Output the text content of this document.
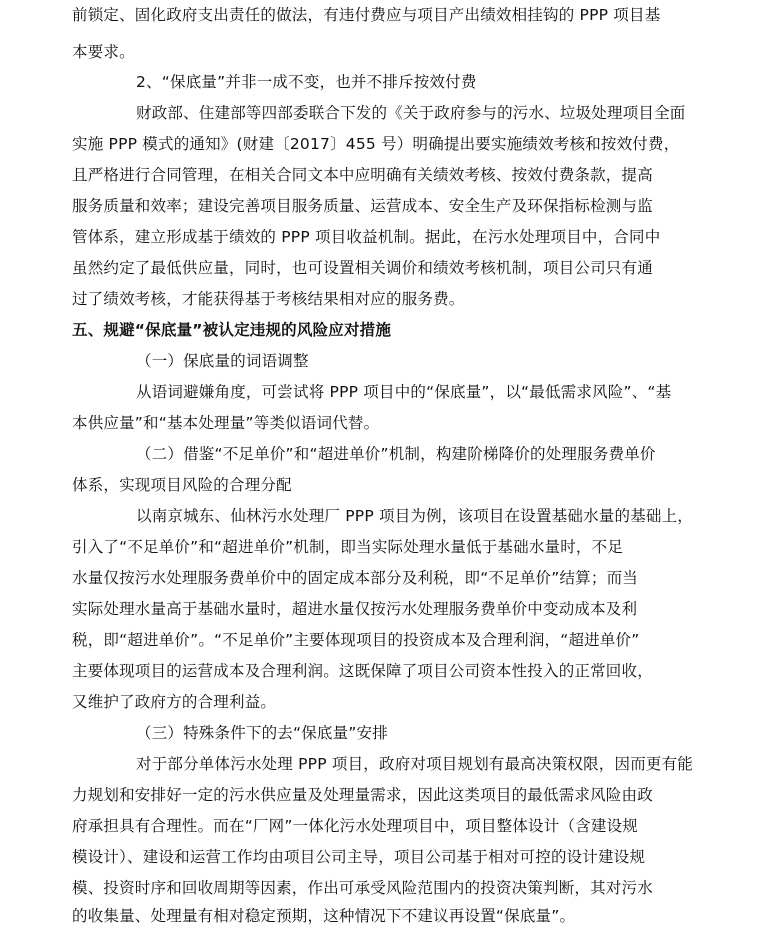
前锁定、固化政府支出责任的做法，有违付费应与项目产出绩效相挂钩的 PPP 项目基
本要求。
2、“保底量”并非一成不变，也并不排斥按效付费
财政部、住建部等四部委联合下发的《关于政府参与的污水、垃圾处理项目全面
实施 PPP 模式的通知》(财建〔2017〕455 号）明确提出要实施绩效考核和按效付费，
且严格进行合同管理，在相关合同文本中应明确有关绩效考核、按效付费条款，提高
服务质量和效率；建设完善项目服务质量、运营成本、安全生产及环保指标检测与监
管体系，建立形成基于绩效的 PPP 项目收益机制。据此，在污水处理项目中，合同中
虽然约定了最低供应量，同时，也可设置相关调价和绩效考核机制，项目公司只有通
过了绩效考核，才能获得基于考核结果相对应的服务费。
五、规避“保底量”被认定违规的风险应对措施
（一）保底量的词语调整
从语词避嫌角度，可尝试将 PPP 项目中的“保底量”，以“最低需求风险”、“基
本供应量”和“基本处理量”等类似语词代替。
（二）借鉴“不足单价”和“超进单价”机制，构建阶梯降价的处理服务费单价
体系，实现项目风险的合理分配
以南京城东、仙林污水处理厂 PPP 项目为例，该项目在设置基础水量的基础上，
引入了“不足单价”和“超进单价”机制，即当实际处理水量低于基础水量时，不足
水量仅按污水处理服务费单价中的固定成本部分及利税，即“不足单价”结算；而当
实际处理水量高于基础水量时，超进水量仅按污水处理服务费单价中变动成本及利
税，即“超进单价”。“不足单价”主要体现项目的投资成本及合理利润，“超进单价”
主要体现项目的运营成本及合理利润。这既保障了项目公司资本性投入的正常回收，
又维护了政府方的合理利益。
（三）特殊条件下的去“保底量”安排
对于部分单体污水处理 PPP 项目，政府对项目规划有最高决策权限，因而更有能
力规划和安排好一定的污水供应量及处理量需求，因此这类项目的最低需求风险由政
府承担具有合理性。而在“厂网”一体化污水处理项目中，项目整体设计（含建设规
模设计）、建设和运营工作均由项目公司主导，项目公司基于相对可控的设计建设规
模、投资时序和回收周期等因素，作出可承受风险范围内的投资决策判断，其对污水
的收集量、处理量有相对稳定预期，这种情况下不建议再设置“保底量”。
